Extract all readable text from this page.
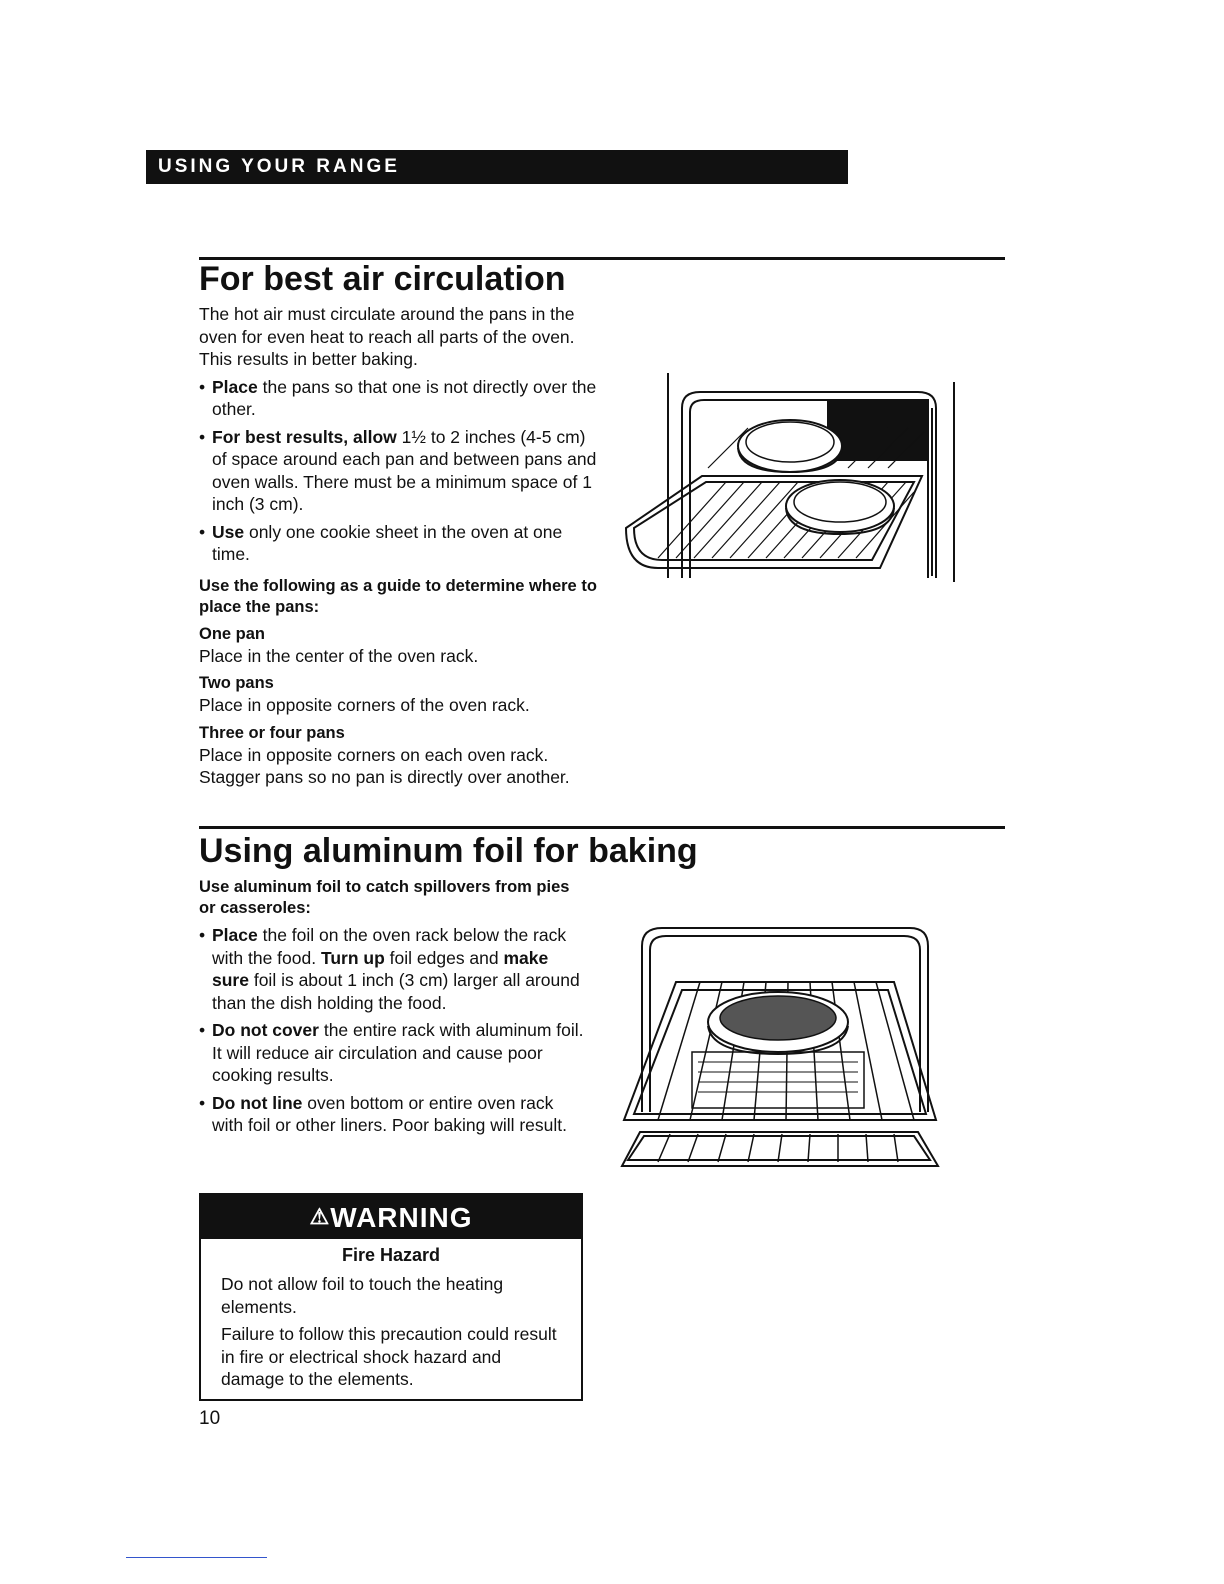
USING YOUR RANGE
For best air circulation
The hot air must circulate around the pans in the oven for even heat to reach all parts of the oven. This results in better baking.
• Place the pans so that one is not directly over the other.
• For best results, allow 1½ to 2 inches (4-5 cm) of space around each pan and between pans and oven walls. There must be a minimum space of 1 inch (3 cm).
• Use only one cookie sheet in the oven at one time.
Use the following as a guide to determine where to place the pans:
One pan
Place in the center of the oven rack.
Two pans
Place in opposite corners of the oven rack.
Three or four pans
Place in opposite corners on each oven rack. Stagger pans so no pan is directly over another.
Using aluminum foil for baking
Use aluminum foil to catch spillovers from pies or casseroles:
• Place the foil on the oven rack below the rack with the food. Turn up foil edges and make sure foil is about 1 inch (3 cm) larger all around than the dish holding the food.
• Do not cover the entire rack with aluminum foil. It will reduce air circulation and cause poor cooking results.
• Do not line oven bottom or entire oven rack with foil or other liners. Poor baking will result.
⚠WARNING
Fire Hazard
Do not allow foil to touch the heating elements.
Failure to follow this precaution could result in fire or electrical shock hazard and damage to the elements.
10
